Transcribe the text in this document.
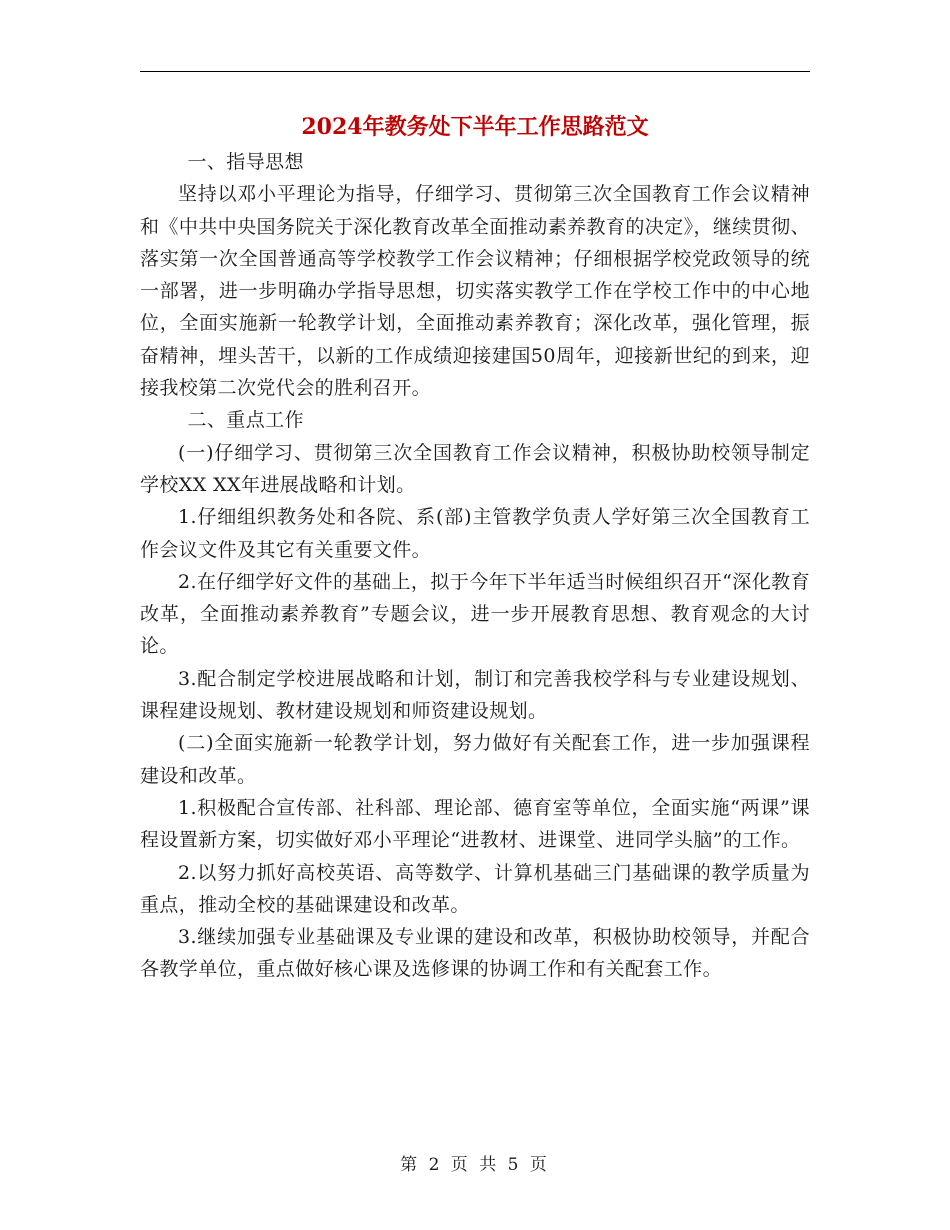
2024年教务处下半年工作思路范文

一、指导思想

坚持以邓小平理论为指导，仔细学习、贯彻第三次全国教育工作会议精神和《中共中央国务院关于深化教育改革全面推动素养教育的决定》，继续贯彻、落实第一次全国普通高等学校教学工作会议精神；仔细根据学校党政领导的统一部署，进一步明确办学指导思想，切实落实教学工作在学校工作中的中心地位，全面实施新一轮教学计划，全面推动素养教育；深化改革，强化管理，振奋精神，埋头苦干，以新的工作成绩迎接建国50周年，迎接新世纪的到来，迎接我校第二次党代会的胜利召开。

二、重点工作

(一)仔细学习、贯彻第三次全国教育工作会议精神，积极协助校领导制定学校XX XX年进展战略和计划。

1.仔细组织教务处和各院、系(部)主管教学负责人学好第三次全国教育工作会议文件及其它有关重要文件。

2.在仔细学好文件的基础上，拟于今年下半年适当时候组织召开“深化教育改革，全面推动素养教育”专题会议，进一步开展教育思想、教育观念的大讨论。

3.配合制定学校进展战略和计划，制订和完善我校学科与专业建设规划、课程建设规划、教材建设规划和师资建设规划。

(二)全面实施新一轮教学计划，努力做好有关配套工作，进一步加强课程建设和改革。

1.积极配合宣传部、社科部、理论部、德育室等单位，全面实施“两课”课程设置新方案，切实做好邓小平理论“进教材、进课堂、进同学头脑”的工作。

2.以努力抓好高校英语、高等数学、计算机基础三门基础课的教学质量为重点，推动全校的基础课建设和改革。

3.继续加强专业基础课及专业课的建设和改革，积极协助校领导，并配合各教学单位，重点做好核心课及选修课的协调工作和有关配套工作。

第 2 页 共 5 页
